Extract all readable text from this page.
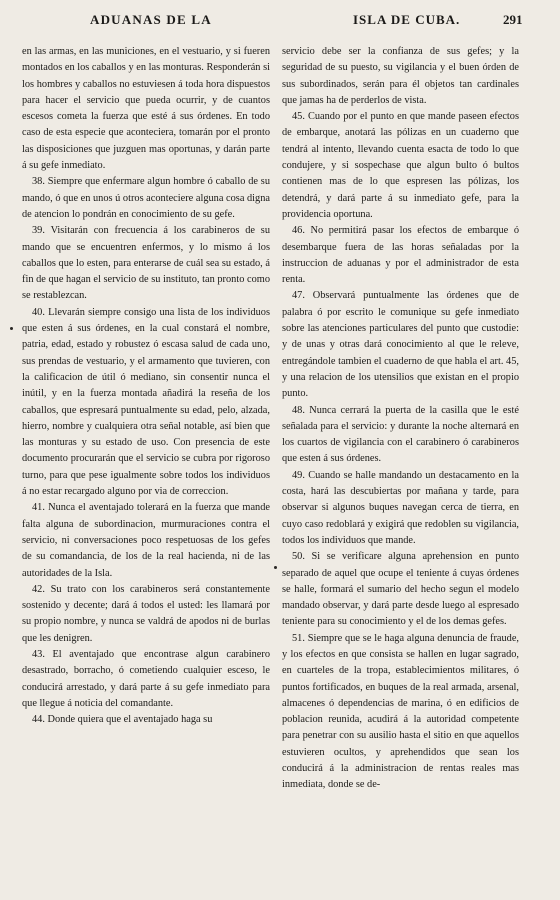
ADUANAS DE LA	ISLA DE CUBA.	291

en las armas, en las municiones, en el vestuario, y si fueren montados en los caballos y en las monturas. Responderán si los hombres y caballos no estuviesen á toda hora dispuestos para hacer el servicio que pueda ocurrir, y de cuantos escesos cometa la fuerza que esté á sus órdenes. En todo caso de esta especie que aconteciera, tomarán por el pronto las disposiciones que juzguen mas oportunas, y darán parte á su gefe inmediato.

38. Siempre que enfermare algun hombre ó caballo de su mando, ó que en unos ú otros aconteciere alguna cosa digna de atencion lo pondrán en conocimiento de su gefe.

39. Visitarán con frecuencia á los carabineros de su mando que se encuentren enfermos, y lo mismo á los caballos que lo esten, para enterarse de cuál sea su estado, á fin de que hagan el servicio de su instituto, tan pronto como se restablezcan.

40. Llevarán siempre consigo una lista de los individuos que esten á sus órdenes, en la cual constará el nombre, patria, edad, estado y robustez ó escasa salud de cada uno, sus prendas de vestuario, y el armamento que tuvieren, con la calificacion de útil ó mediano, sin consentir nunca el inútil, y en la fuerza montada añadirá la reseña de los caballos, que espresará puntualmente su edad, pelo, alzada, hierro, nombre y cualquiera otra señal notable, así bien que las monturas y su estado de uso. Con presencia de este documento procurarán que el servicio se cubra por rigoroso turno, para que pese igualmente sobre todos los individuos á no estar recargado alguno por via de correccion.

41. Nunca el aventajado tolerará en la fuerza que mande falta alguna de subordinacion, murmuraciones contra el servicio, ni conversaciones poco respetuosas de los gefes de su comandancia, de los de la real hacienda, ni de las autoridades de la Isla.

42. Su trato con los carabineros será constantemente sostenido y decente; dará á todos el usted: les llamará por su propio nombre, y nunca se valdrá de apodos ni de burlas que les denigren.

43. El aventajado que encontrase algun carabinero desastrado, borracho, ó cometiendo cualquier esceso, le conducirá arrestado, y dará parte á su gefe inmediato para que llegue á noticia del comandante.

44. Donde quiera que el aventajado haga su

servicio debe ser la confianza de sus gefes; y la seguridad de su puesto, su vigilancia y el buen órden de sus subordinados, serán para él objetos tan cardinales que jamas ha de perderlos de vista.

45. Cuando por el punto en que mande paseen efectos de embarque, anotará las pólizas en un cuaderno que tendrá al intento, llevando cuenta esacta de todo lo que condujere, y si sospechase que algun bulto ó bultos contienen mas de lo que espresen las pólizas, los detendrá, y dará parte á su inmediato gefe, para la providencia oportuna.

46. No permitirá pasar los efectos de embarque ó desembarque fuera de las horas señaladas por la instruccion de aduanas y por el administrador de esta renta.

47. Observará puntualmente las órdenes que de palabra ó por escrito le comunique su gefe inmediato sobre las atenciones particulares del punto que custodie: y de unas y otras dará conocimiento al que le releve, entregándole tambien el cuaderno de que habla el art. 45, y una relacion de los utensilios que existan en el propio punto.

48. Nunca cerrará la puerta de la casilla que le esté señalada para el servicio: y durante la noche alternará en los cuartos de vigilancia con el carabinero ó carabineros que esten á sus órdenes.

49. Cuando se halle mandando un destacamento en la costa, hará las descubiertas por mañana y tarde, para observar si algunos buques navegan cerca de tierra, en cuyo caso redoblará y exigirá que redoblen su vigilancia, todos los individuos que mande.

50. Si se verificare alguna aprehension en punto separado de aquel que ocupe el teniente á cuyas órdenes se halle, formará el sumario del hecho segun el modelo mandado observar, y dará parte desde luego al espresado teniente para su conocimiento y el de los demas gefes.

51. Siempre que se le haga alguna denuncia de fraude, y los efectos en que consista se hallen en lugar sagrado, en cuarteles de la tropa, establecimientos militares, ó puntos fortificados, en buques de la real armada, arsenal, almacenes ó dependencias de marina, ó en edificios de poblacion reunida, acudirá á la autoridad competente para penetrar con su ausilio hasta el sitio en que aquellos estuvieren ocultos, y aprehendidos que sean los conducirá á la administracion de rentas reales mas inmediata, donde se de-
